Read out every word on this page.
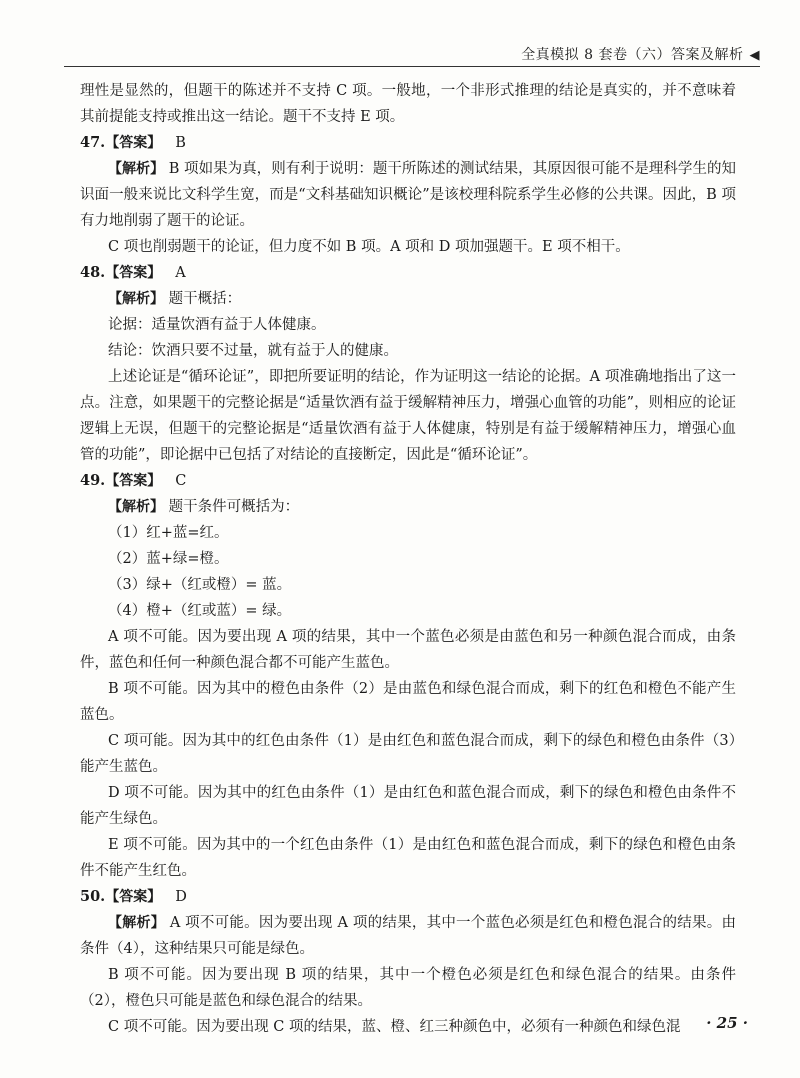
全真模拟 8 套卷（六）答案及解析 ◀

理性是显然的，但题干的陈述并不支持 C 项。一般地，一个非形式推理的结论是真实的，并不意味着其前提能支持或推出这一结论。题干不支持 E 项。

47.【答案】 B

【解析】 B 项如果为真，则有利于说明：题干所陈述的测试结果，其原因很可能不是理科学生的知识面一般来说比文科学生宽，而是“文科基础知识概论”是该校理科院系学生必修的公共课。因此，B 项有力地削弱了题干的论证。

C 项也削弱题干的论证，但力度不如 B 项。A 项和 D 项加强题干。E 项不相干。

48.【答案】 A

【解析】 题干概括：

论据：适量饮酒有益于人体健康。

结论：饮酒只要不过量，就有益于人的健康。

上述论证是“循环论证”，即把所要证明的结论，作为证明这一结论的论据。A 项准确地指出了这一点。注意，如果题干的完整论据是“适量饮酒有益于缓解精神压力，增强心血管的功能”，则相应的论证逻辑上无误，但题干的完整论据是“适量饮酒有益于人体健康，特别是有益于缓解精神压力，增强心血管的功能”，即论据中已包括了对结论的直接断定，因此是“循环论证”。

49.【答案】 C

【解析】 题干条件可概括为：

（1）红+蓝=红。

（2）蓝+绿=橙。

（3）绿+（红或橙）= 蓝。

（4）橙+（红或蓝）= 绿。

A 项不可能。因为要出现 A 项的结果，其中一个蓝色必须是由蓝色和另一种颜色混合而成，由条件，蓝色和任何一种颜色混合都不可能产生蓝色。

B 项不可能。因为其中的橙色由条件（2）是由蓝色和绿色混合而成，剩下的红色和橙色不能产生蓝色。

C 项可能。因为其中的红色由条件（1）是由红色和蓝色混合而成，剩下的绿色和橙色由条件（3）能产生蓝色。

D 项不可能。因为其中的红色由条件（1）是由红色和蓝色混合而成，剩下的绿色和橙色由条件不能产生绿色。

E 项不可能。因为其中的一个红色由条件（1）是由红色和蓝色混合而成，剩下的绿色和橙色由条件不能产生红色。

50.【答案】 D

【解析】 A 项不可能。因为要出现 A 项的结果，其中一个蓝色必须是红色和橙色混合的结果。由条件（4），这种结果只可能是绿色。

B 项不可能。因为要出现 B 项的结果，其中一个橙色必须是红色和绿色混合的结果。由条件（2），橙色只可能是蓝色和绿色混合的结果。

C 项不可能。因为要出现 C 项的结果，蓝、橙、红三种颜色中，必须有一种颜色和绿色混	· 25 ·
